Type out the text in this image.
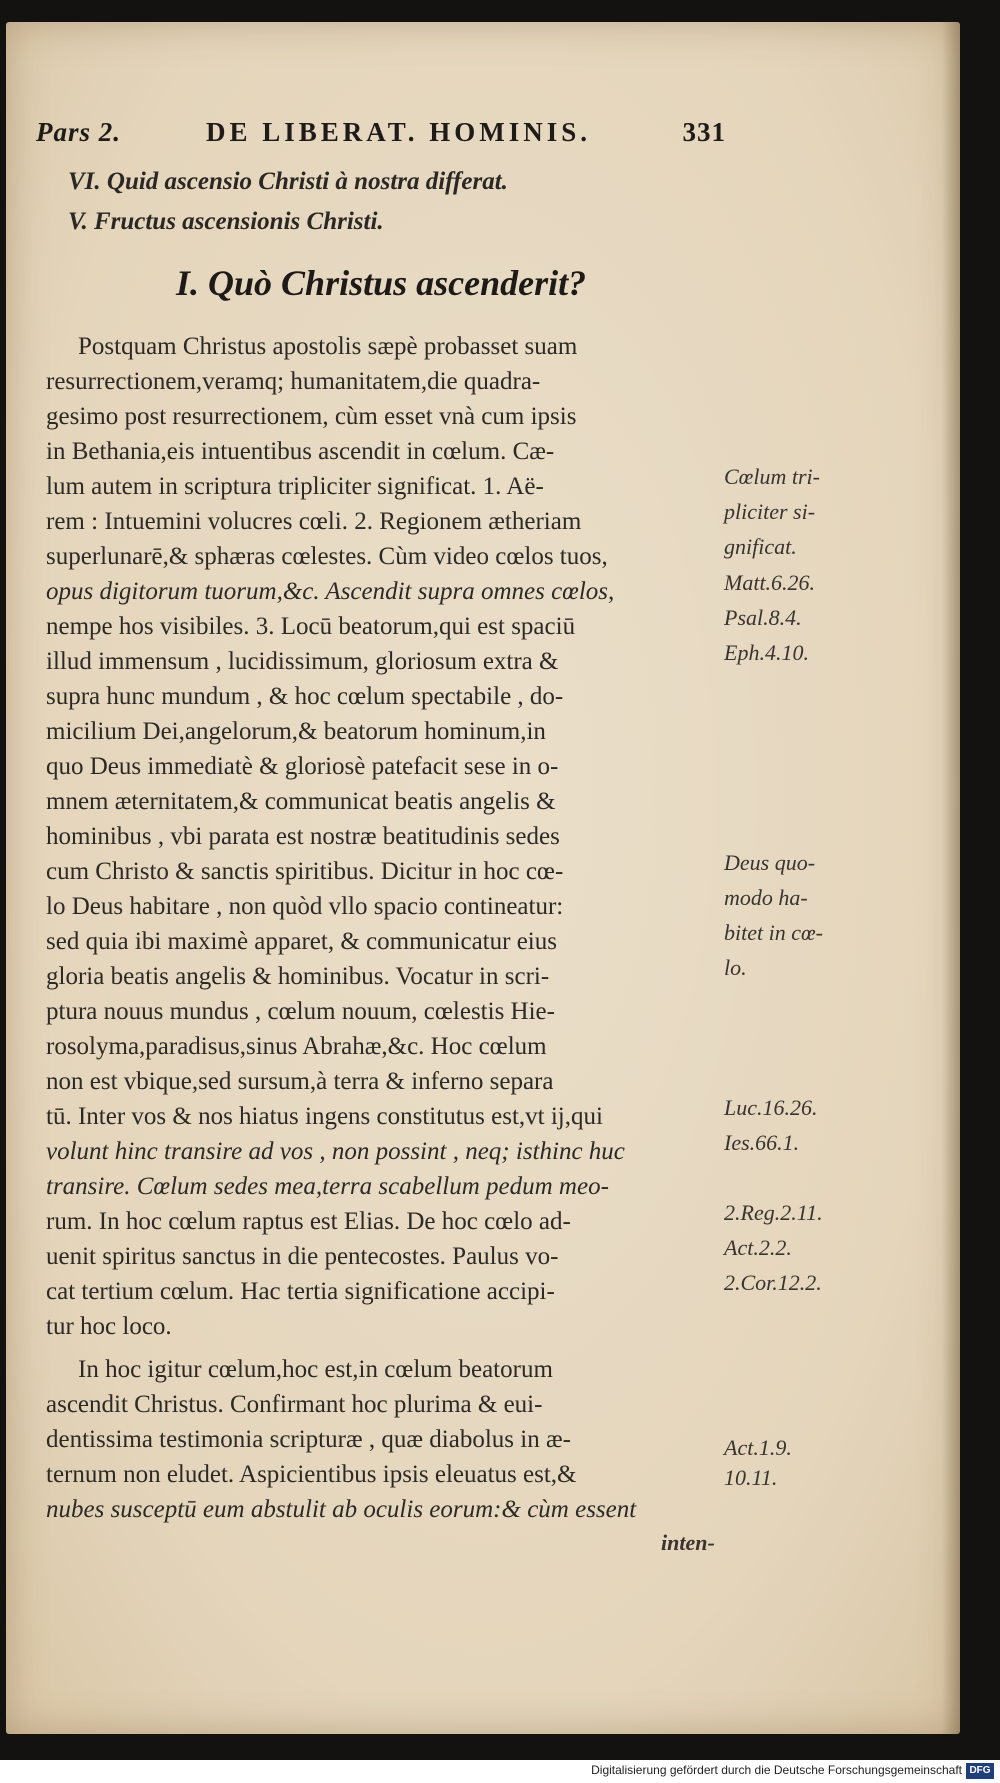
Pars 2.	DE LIBERAT. HOMINIS.	331
VI. Quid ascensio Christi à nostra differat.
V. Fructus ascensionis Christi.
I. Quò Christus ascenderit?
Postquam Christus apostolis sæpè probasset suam
resurrectionem,veramq; humanitatem,die quadra-
gesimo post resurrectionem, cùm esset vnà cum ipsis
in Bethania,eis intuentibus ascendit in cœlum. Cæ-
lum autem in scriptura tripliciter significat. 1. Aë-
rem : Intuemini volucres cœli. 2. Regionem ætheriam
superlunarē,& sphæras cœlestes. Cùm video cœlos tuos,
opus digitorum tuorum,&c. Ascendit supra omnes cœlos,
nempe hos visibiles. 3. Locū beatorum,qui est spaciū
illud immensum , lucidissimum, gloriosum extra &
supra hunc mundum , & hoc cœlum spectabile , do-
micilium Dei,angelorum,& beatorum hominum,in
quo Deus immediatè & gloriosè patefacit sese in o-
mnem æternitatem,& communicat beatis angelis &
hominibus , vbi parata est nostræ beatitudinis sedes
cum Christo & sanctis spiritibus. Dicitur in hoc cœ-
lo Deus habitare , non quòd vllo spacio contineatur:
sed quia ibi maximè apparet, & communicatur eius
gloria beatis angelis & hominibus. Vocatur in scri-
ptura nouus mundus , cœlum nouum, cœlestis Hie-
rosolyma,paradisus,sinus Abrahæ,&c. Hoc cœlum
non est vbique,sed sursum,à terra & inferno separa
tū. Inter vos & nos hiatus ingens constitutus est,vt ij,qui
volunt hinc transire ad vos , non possint , neq; isthinc huc
transire. Cœlum sedes mea,terra scabellum pedum meo-
rum. In hoc cœlum raptus est Elias. De hoc cœlo ad-
uenit spiritus sanctus in die pentecostes. Paulus vo-
cat tertium cœlum. Hac tertia significatione accipi-
tur hoc loco.
In hoc igitur cœlum,hoc est,in cœlum beatorum
ascendit Christus. Confirmant hoc plurima & eui-
dentissima testimonia scripturæ , quæ diabolus in æ-
ternum non eludet. Aspicientibus ipsis eleuatus est,&
nubes susceptū eum abstulit ab oculis eorum:& cùm essent
inten-
Cœlum tri-
pliciter si-
gnificat.
Matt.6.26.
Psal.8.4.
Eph.4.10.
Deus quo-
modo ha-
bitet in cœ-
lo.
Luc.16.26.
Ies.66.1.
2.Reg.2.11.
Act.2.2.
2.Cor.12.2.
Act.1.9.
10.11.
Digitalisierung gefördert durch die Deutsche Forschungsgemeinschaft DFG
